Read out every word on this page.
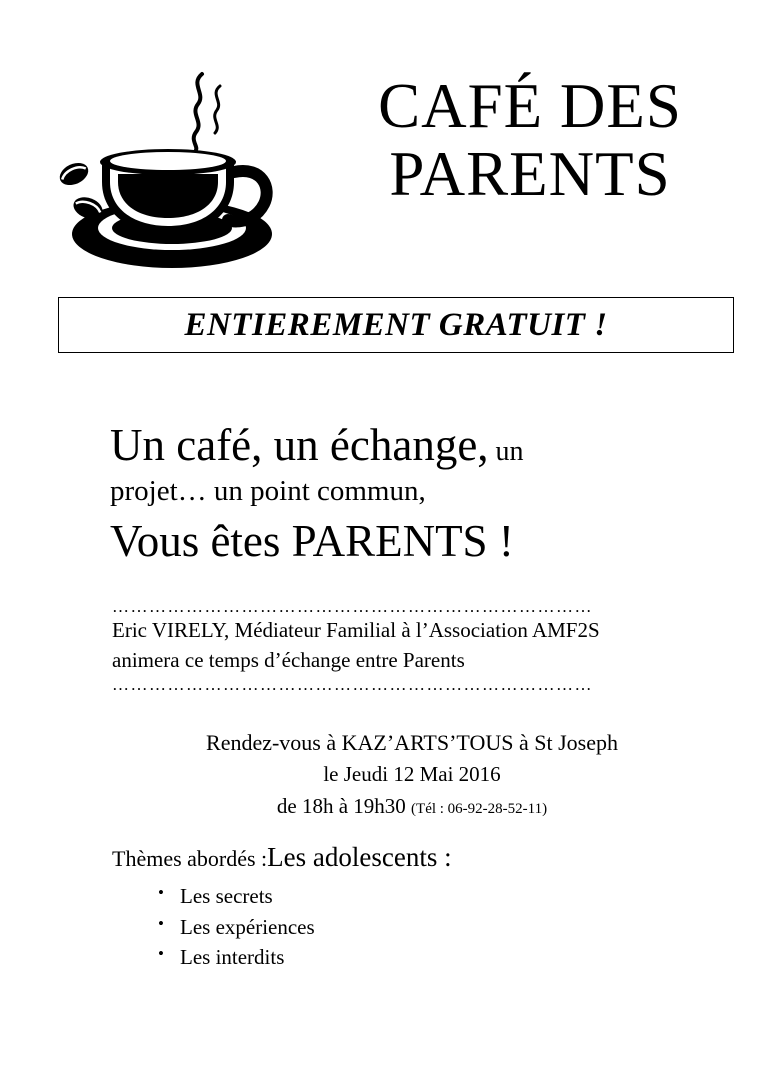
CAFÉ DES
PARENTS
ENTIEREMENT GRATUIT !
Un café, un échange, un
projet… un point commun,
Vous êtes PARENTS !
……………………………………………………………………
Eric VIRELY, Médiateur Familial à l’Association AMF2S
animera ce temps d’échange entre Parents
……………………………………………………………………
Rendez-vous à KAZ’ARTS’TOUS à St Joseph
le Jeudi 12 Mai 2016
de 18h à 19h30 (Tél : 06-92-28-52-11)
Thèmes abordés :Les adolescents :
• Les secrets
• Les expériences
• Les interdits
